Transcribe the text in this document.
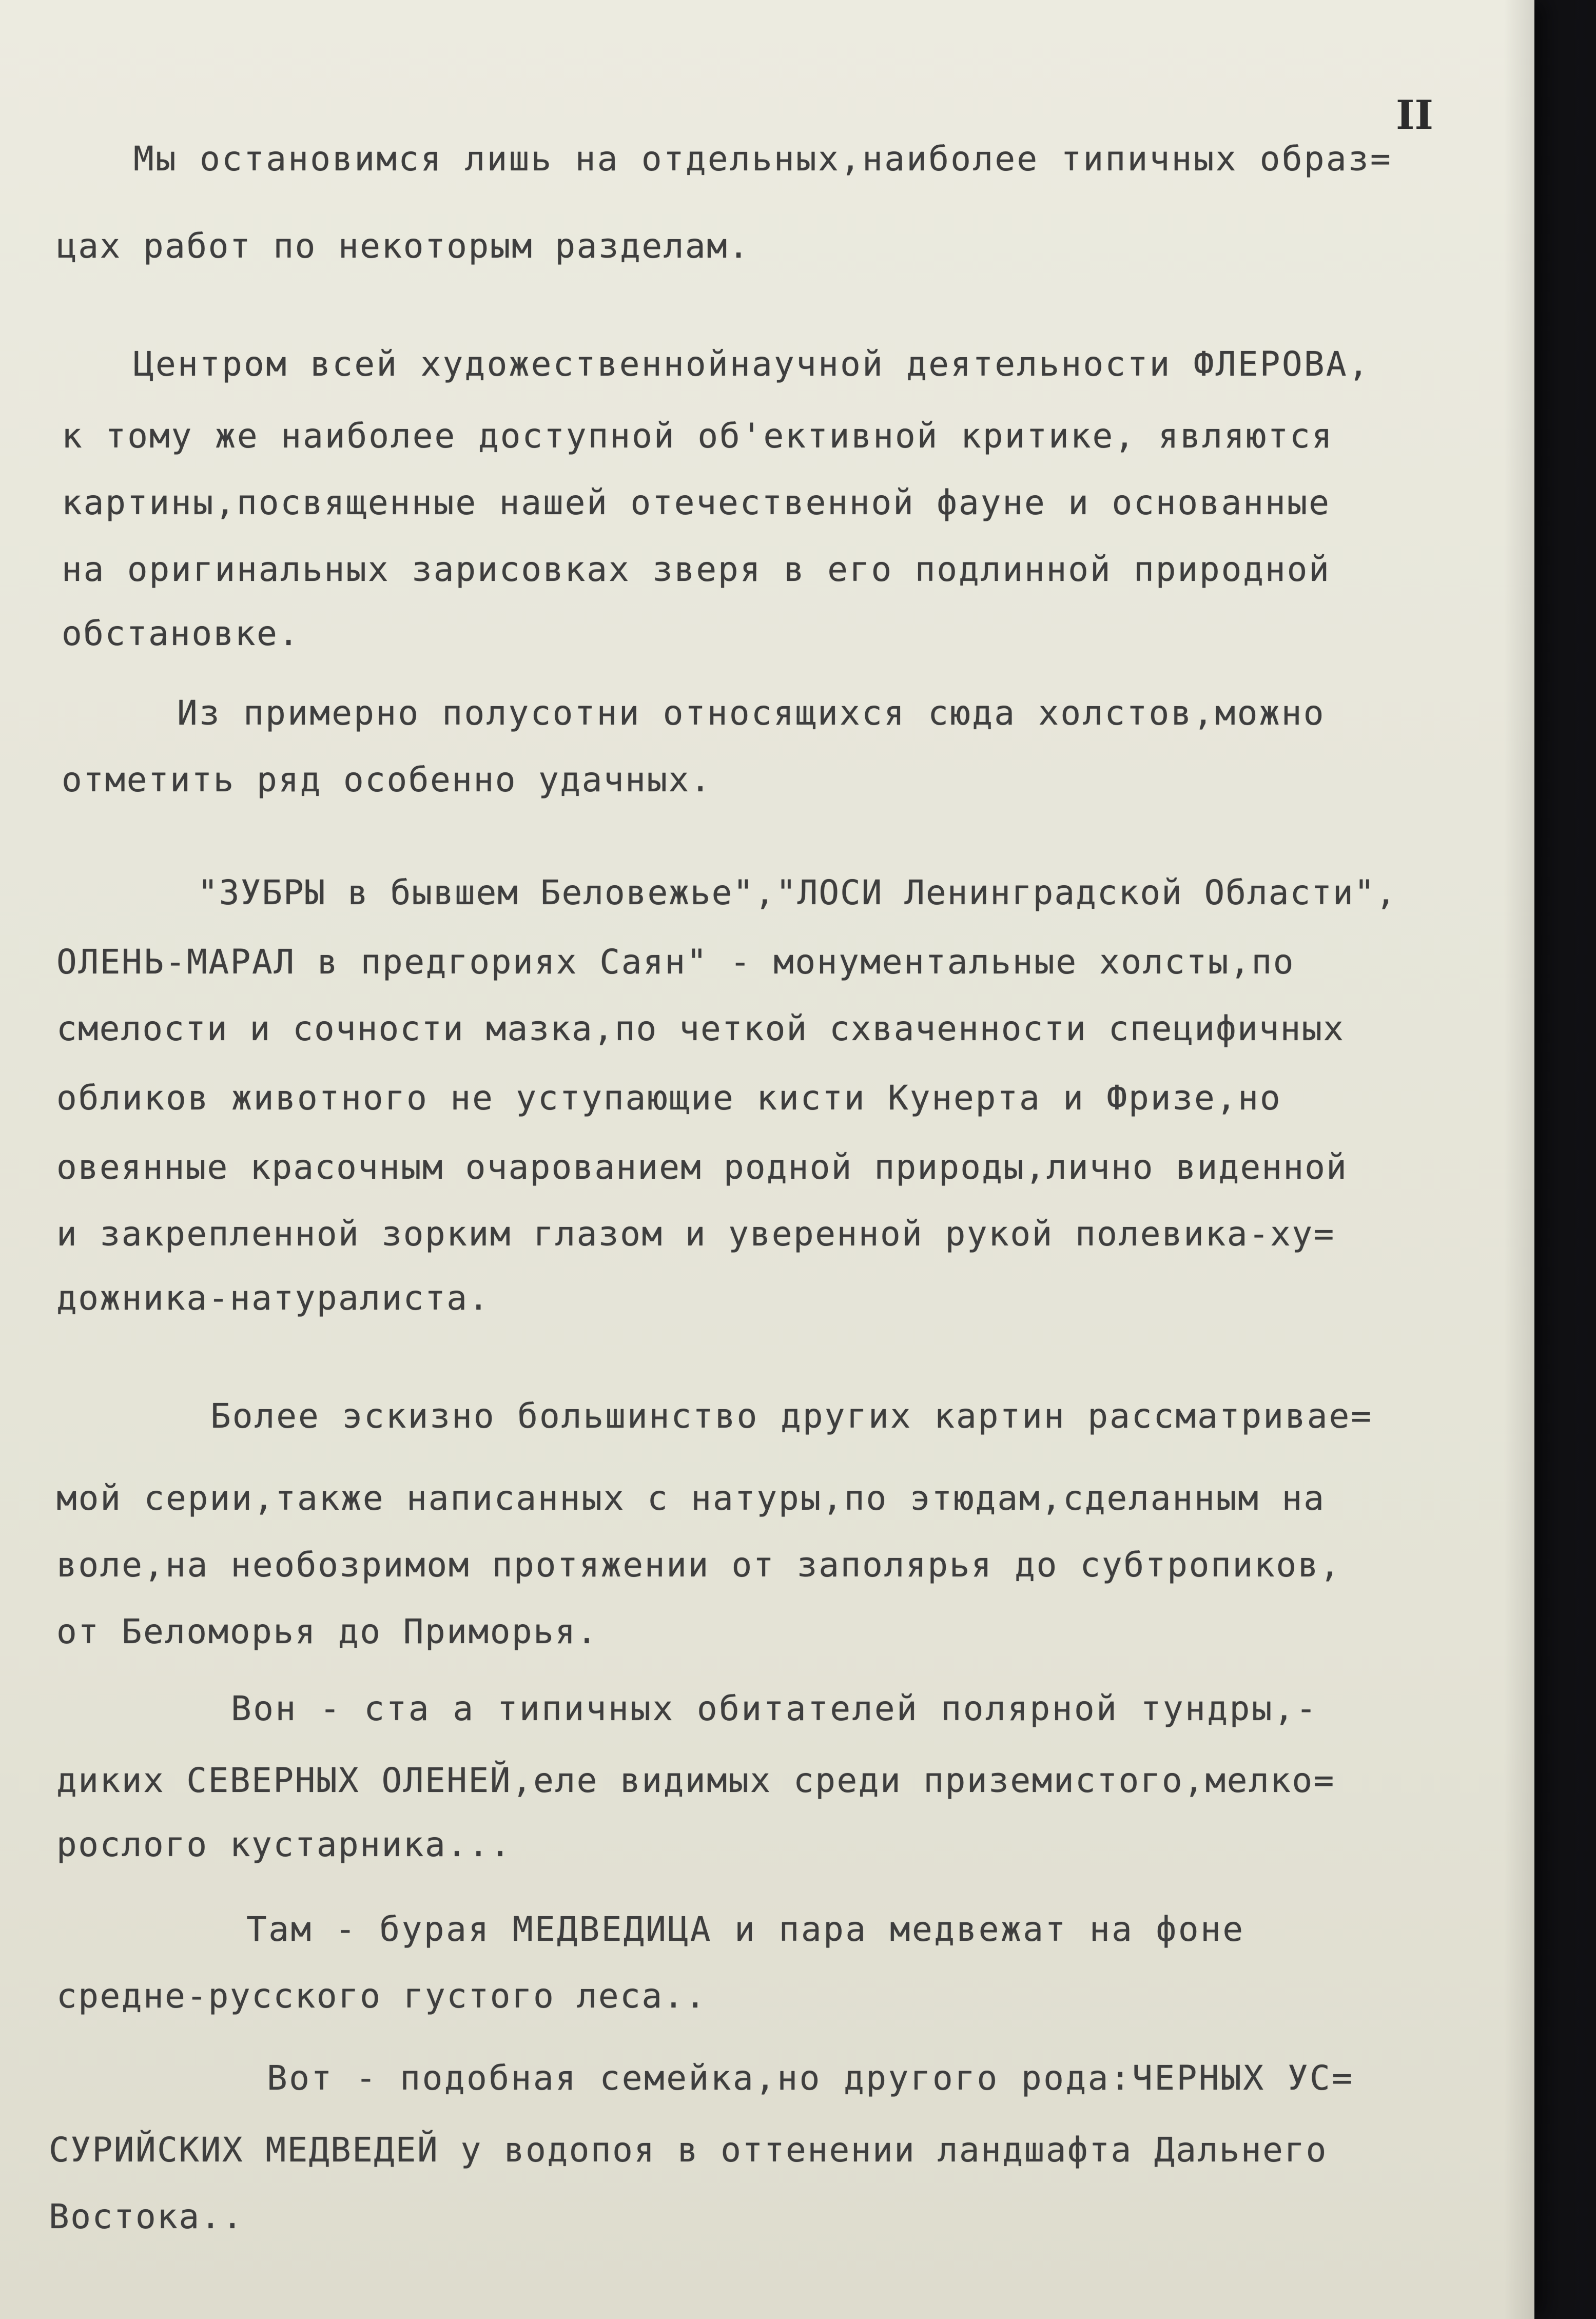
II
Мы остановимся лишь на отдельных,наиболее типичных образ=
цах работ по некоторым разделам.
Центром всей художественнойнаучной деятельности ФЛЕРОВА,
к тому же наиболее доступной об'ективной критике, являются
картины,посвященные нашей отечественной фауне и основанные
на оригинальных зарисовках зверя в его подлинной природной
обстановке.
Из примерно полусотни относящихся сюда холстов,можно
отметить ряд особенно удачных.
"ЗУБРЫ в бывшем Беловежье","ЛОСИ Ленинградской Области",
ОЛЕНЬ-МАРАЛ в предгориях Саян" - монументальные холсты,по
смелости и сочности мазка,по четкой схваченности специфичных
обликов животного не уступающие кисти Кунерта и Фризе,но
овеянные красочным очарованием родной природы,лично виденной
и закрепленной зорким глазом и уверенной рукой полевика-ху=
дожника-натуралиста.
Более эскизно большинство других картин рассматривае=
мой серии,также написанных с натуры,по этюдам,сделанным на
воле,на необозримом протяжении от заполярья до субтропиков,
от Беломорья до Приморья.
Вон - ста а типичных обитателей полярной тундры,-
диких СЕВЕРНЫХ ОЛЕНЕЙ,еле видимых среди приземистого,мелко=
рослого кустарника...
Там - бурая МЕДВЕДИЦА и пара медвежат на фоне
средне-русского густого леса..
Вот - подобная семейка,но другого рода:ЧЕРНЫХ УС=
СУРИЙСКИХ МЕДВЕДЕЙ у водопоя в оттенении ландшафта Дальнего
Востока..
